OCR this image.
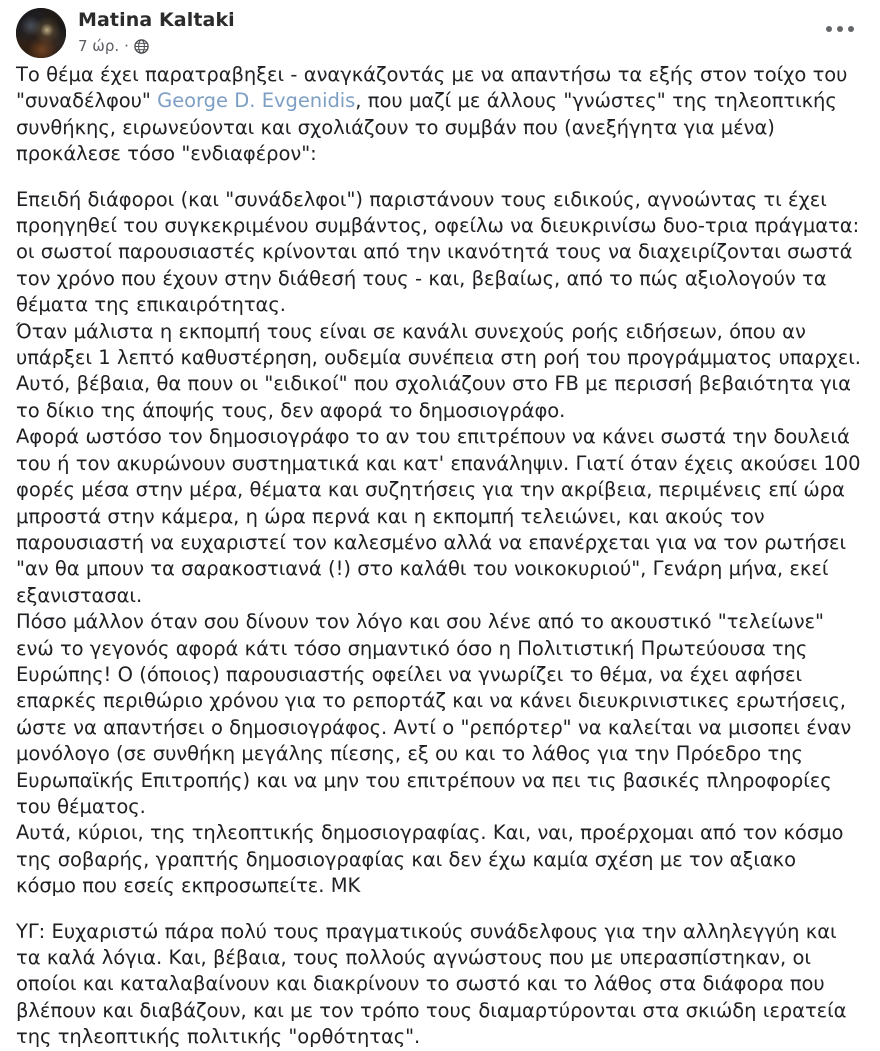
Matina Kaltaki
7 ώρ. ·

Το θέμα έχει παρατραβηξει - αναγκάζοντάς με να απαντήσω τα εξής στον τοίχο του "συναδέλφου" George D. Evgenidis, που μαζί με άλλους "γνώστες" της τηλεοπτικής συνθήκης, ειρωνεύονται και σχολιάζουν το συμβάν που (ανεξήγητα για μένα) προκάλεσε τόσο "ενδιαφέρον":

Επειδή διάφοροι (και "συνάδελφοι") παριστάνουν τους ειδικούς, αγνοώντας τι έχει προηγηθεί του συγκεκριμένου συμβάντος, οφείλω να διευκρινίσω δυο-τρια πράγματα: οι σωστοί παρουσιαστές κρίνονται από την ικανότητά τους να διαχειρίζονται σωστά τον χρόνο που έχουν στην διάθεσή τους - και, βεβαίως, από το πώς αξιολογούν τα θέματα της επικαιρότητας.
Όταν μάλιστα η εκπομπή τους είναι σε κανάλι συνεχούς ροής ειδήσεων, όπου αν υπάρξει 1 λεπτό καθυστέρηση, ουδεμία συνέπεια στη ροή του προγράμματος υπαρχει.
Αυτό, βέβαια, θα πουν οι "ειδικοί" που σχολιάζουν στο FB με περισσή βεβαιότητα για το δίκιο της άποψής τους, δεν αφορά το δημοσιογράφο.
Αφορά ωστόσο τον δημοσιογράφο το αν του επιτρέπουν να κάνει σωστά την δουλειά του ή τον ακυρώνουν συστηματικά και κατ' επανάληψιν. Γιατί όταν έχεις ακούσει 100 φορές μέσα στην μέρα, θέματα και συζητήσεις για την ακρίβεια, περιμένεις επί ώρα μπροστά στην κάμερα, η ώρα περνά και η εκπομπή τελειώνει, και ακούς τον παρουσιαστή να ευχαριστεί τον καλεσμένο αλλά να επανέρχεται για να τον ρωτήσει "αν θα μπουν τα σαρακοστιανά (!) στο καλάθι του νοικοκυριού", Γενάρη μήνα, εκεί εξανιστασαι.
Πόσο μάλλον όταν σου δίνουν τον λόγο και σου λένε από το ακουστικό "τελείωνε" ενώ το γεγονός αφορά κάτι τόσο σημαντικό όσο η Πολιτιστική Πρωτεύουσα της Ευρώπης! Ο (όποιος) παρουσιαστής οφείλει να γνωρίζει το θέμα, να έχει αφήσει επαρκές περιθώριο χρόνου για το ρεπορτάζ και να κάνει διευκρινιστικες ερωτήσεις, ώστε να απαντήσει ο δημοσιογράφος. Αντί ο "ρεπόρτερ" να καλείται να μισοπει έναν μονόλογο (σε συνθήκη μεγάλης πίεσης, εξ ου και το λάθος για την Πρόεδρο της Ευρωπαϊκής Επιτροπής) και να μην του επιτρέπουν να πει τις βασικές πληροφορίες του θέματος.
Αυτά, κύριοι, της τηλεοπτικής δημοσιογραφίας. Και, ναι, προέρχομαι από τον κόσμο της σοβαρής, γραπτής δημοσιογραφίας και δεν έχω καμία σχέση με τον αξιακο κόσμο που εσείς εκπροσωπείτε. ΜΚ

ΥΓ: Ευχαριστώ πάρα πολύ τους πραγματικούς συνάδελφους για την αλληλεγγύη και τα καλά λόγια. Και, βέβαια, τους πολλούς αγνώστους που με υπερασπίστηκαν, οι οποίοι και καταλαβαίνουν και διακρίνουν το σωστό και το λάθος στα διάφορα που βλέπουν και διαβάζουν, και με τον τρόπο τους διαμαρτύρονται στα σκιώδη ιερατεία της τηλεοπτικής πολιτικής "ορθότητας".
